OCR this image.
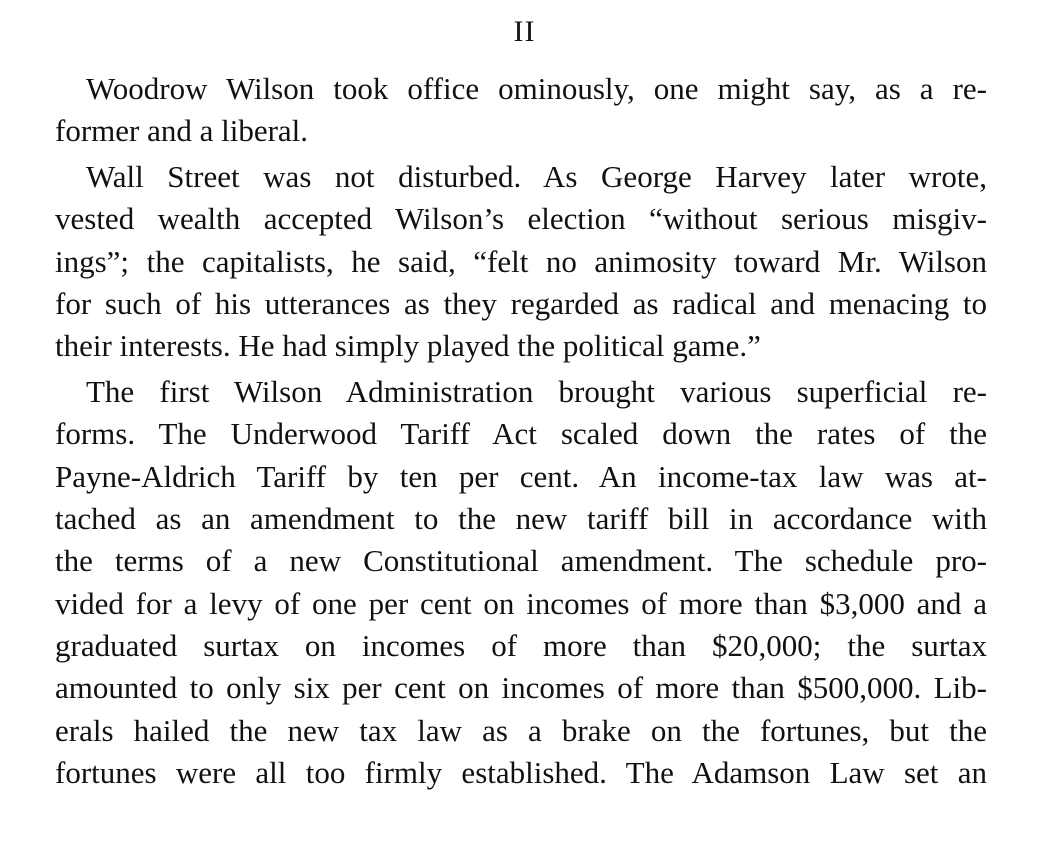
II

Woodrow Wilson took office ominously, one might say, as a re-
former and a liberal.

Wall Street was not disturbed. As George Harvey later wrote,
vested wealth accepted Wilson’s election “without serious misgiv-
ings”; the capitalists, he said, “felt no animosity toward Mr. Wilson
for such of his utterances as they regarded as radical and menacing to
their interests. He had simply played the political game.”

The first Wilson Administration brought various superficial re-
forms. The Underwood Tariff Act scaled down the rates of the
Payne-Aldrich Tariff by ten per cent. An income-tax law was at-
tached as an amendment to the new tariff bill in accordance with
the terms of a new Constitutional amendment. The schedule pro-
vided for a levy of one per cent on incomes of more than $3,000 and a
graduated surtax on incomes of more than $20,000; the surtax
amounted to only six per cent on incomes of more than $500,000. Lib-
erals hailed the new tax law as a brake on the fortunes, but the
fortunes were all too firmly established. The Adamson Law set an
